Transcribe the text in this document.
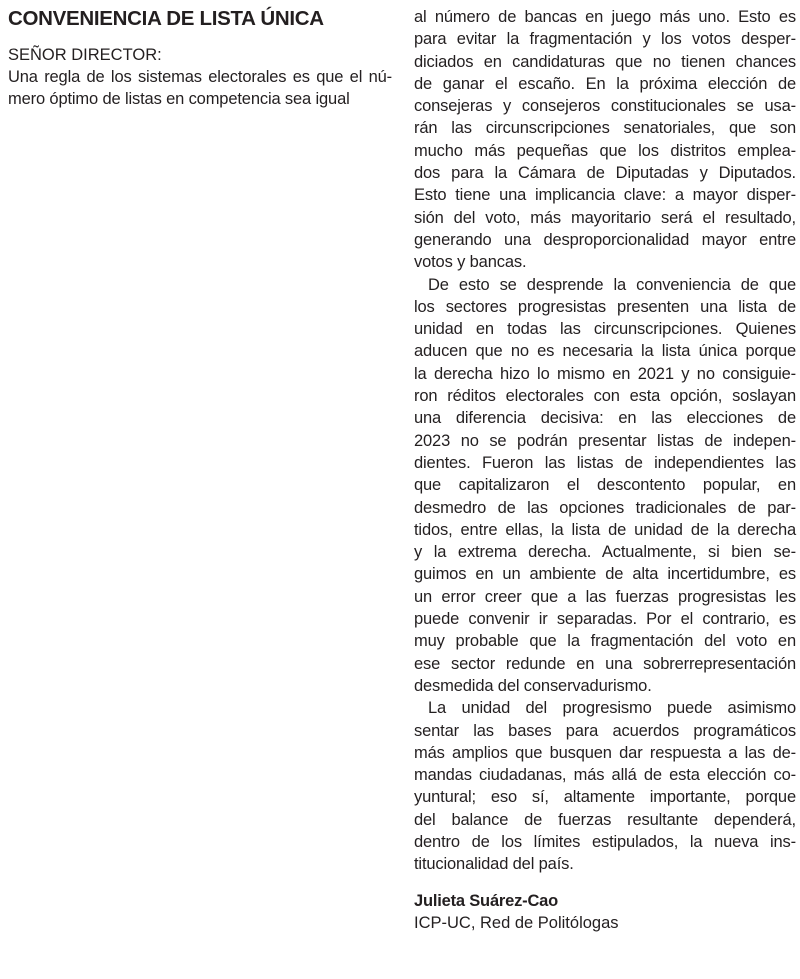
CONVENIENCIA DE LISTA ÚNICA
SEÑOR DIRECTOR:
Una regla de los sistemas electorales es que el nú-
mero óptimo de listas en competencia sea igual
al número de bancas en juego más uno. Esto es
para evitar la fragmentación y los votos desper-
diciados en candidaturas que no tienen chances
de ganar el escaño. En la próxima elección de
consejeras y consejeros constitucionales se usa-
rán las circunscripciones senatoriales, que son
mucho más pequeñas que los distritos emplea-
dos para la Cámara de Diputadas y Diputados.
Esto tiene una implicancia clave: a mayor disper-
sión del voto, más mayoritario será el resultado,
generando una desproporcionalidad mayor entre
votos y bancas.
De esto se desprende la conveniencia de que
los sectores progresistas presenten una lista de
unidad en todas las circunscripciones. Quienes
aducen que no es necesaria la lista única porque
la derecha hizo lo mismo en 2021 y no consiguie-
ron réditos electorales con esta opción, soslayan
una diferencia decisiva: en las elecciones de
2023 no se podrán presentar listas de indepen-
dientes. Fueron las listas de independientes las
que capitalizaron el descontento popular, en
desmedro de las opciones tradicionales de par-
tidos, entre ellas, la lista de unidad de la derecha
y la extrema derecha. Actualmente, si bien se-
guimos en un ambiente de alta incertidumbre, es
un error creer que a las fuerzas progresistas les
puede convenir ir separadas. Por el contrario, es
muy probable que la fragmentación del voto en
ese sector redunde en una sobrerrepresentación
desmedida del conservadurismo.
La unidad del progresismo puede asimismo
sentar las bases para acuerdos programáticos
más amplios que busquen dar respuesta a las de-
mandas ciudadanas, más allá de esta elección co-
yuntural; eso sí, altamente importante, porque
del balance de fuerzas resultante dependerá,
dentro de los límites estipulados, la nueva ins-
titucionalidad del país.
Julieta Suárez-Cao
ICP-UC, Red de Politólogas
